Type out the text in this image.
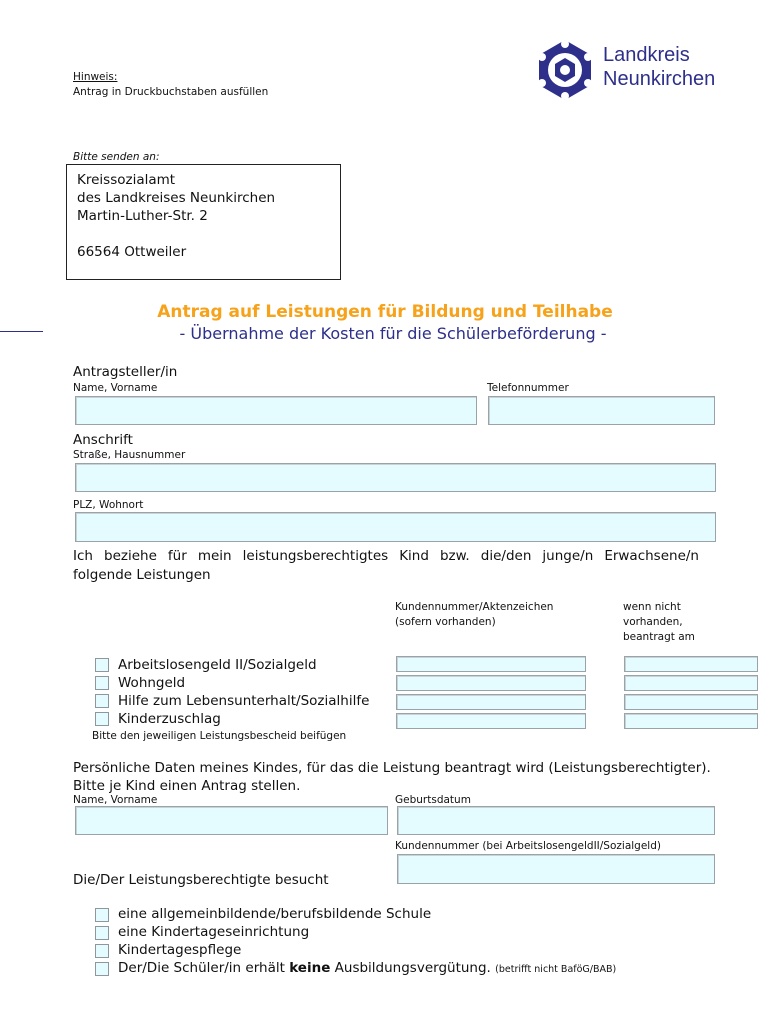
Hinweis:
Antrag in Druckbuchstaben ausfüllen
Landkreis
Neunkirchen
Bitte senden an:
Kreissozialamt
des Landkreises Neunkirchen
Martin-Luther-Str. 2
66564 Ottweiler
Antrag auf Leistungen für Bildung und Teilhabe
- Übernahme der Kosten für die Schülerbeförderung -
Antragsteller/in
Name, Vorname	Telefonnummer
Anschrift
Straße, Hausnummer
PLZ, Wohnort
Ich beziehe für mein leistungsberechtigtes Kind bzw. die/den junge/n Erwachsene/n folgende Leistungen
Kundennummer/Aktenzeichen
(sofern vorhanden)
wenn nicht
vorhanden,
beantragt am
Arbeitslosengeld II/Sozialgeld
Wohngeld
Hilfe zum Lebensunterhalt/Sozialhilfe
Kinderzuschlag
Bitte den jeweiligen Leistungsbescheid beifügen
Persönliche Daten meines Kindes, für das die Leistung beantragt wird (Leistungsberechtigter).
Bitte je Kind einen Antrag stellen.
Name, Vorname	Geburtsdatum
Kundennummer (bei ArbeitslosengeldII/Sozialgeld)
Die/Der Leistungsberechtigte besucht
eine allgemeinbildende/berufsbildende Schule
eine Kindertageseinrichtung
Kindertagespflege
Der/Die Schüler/in erhält keine Ausbildungsvergütung. (betrifft nicht BaföG/BAB)
